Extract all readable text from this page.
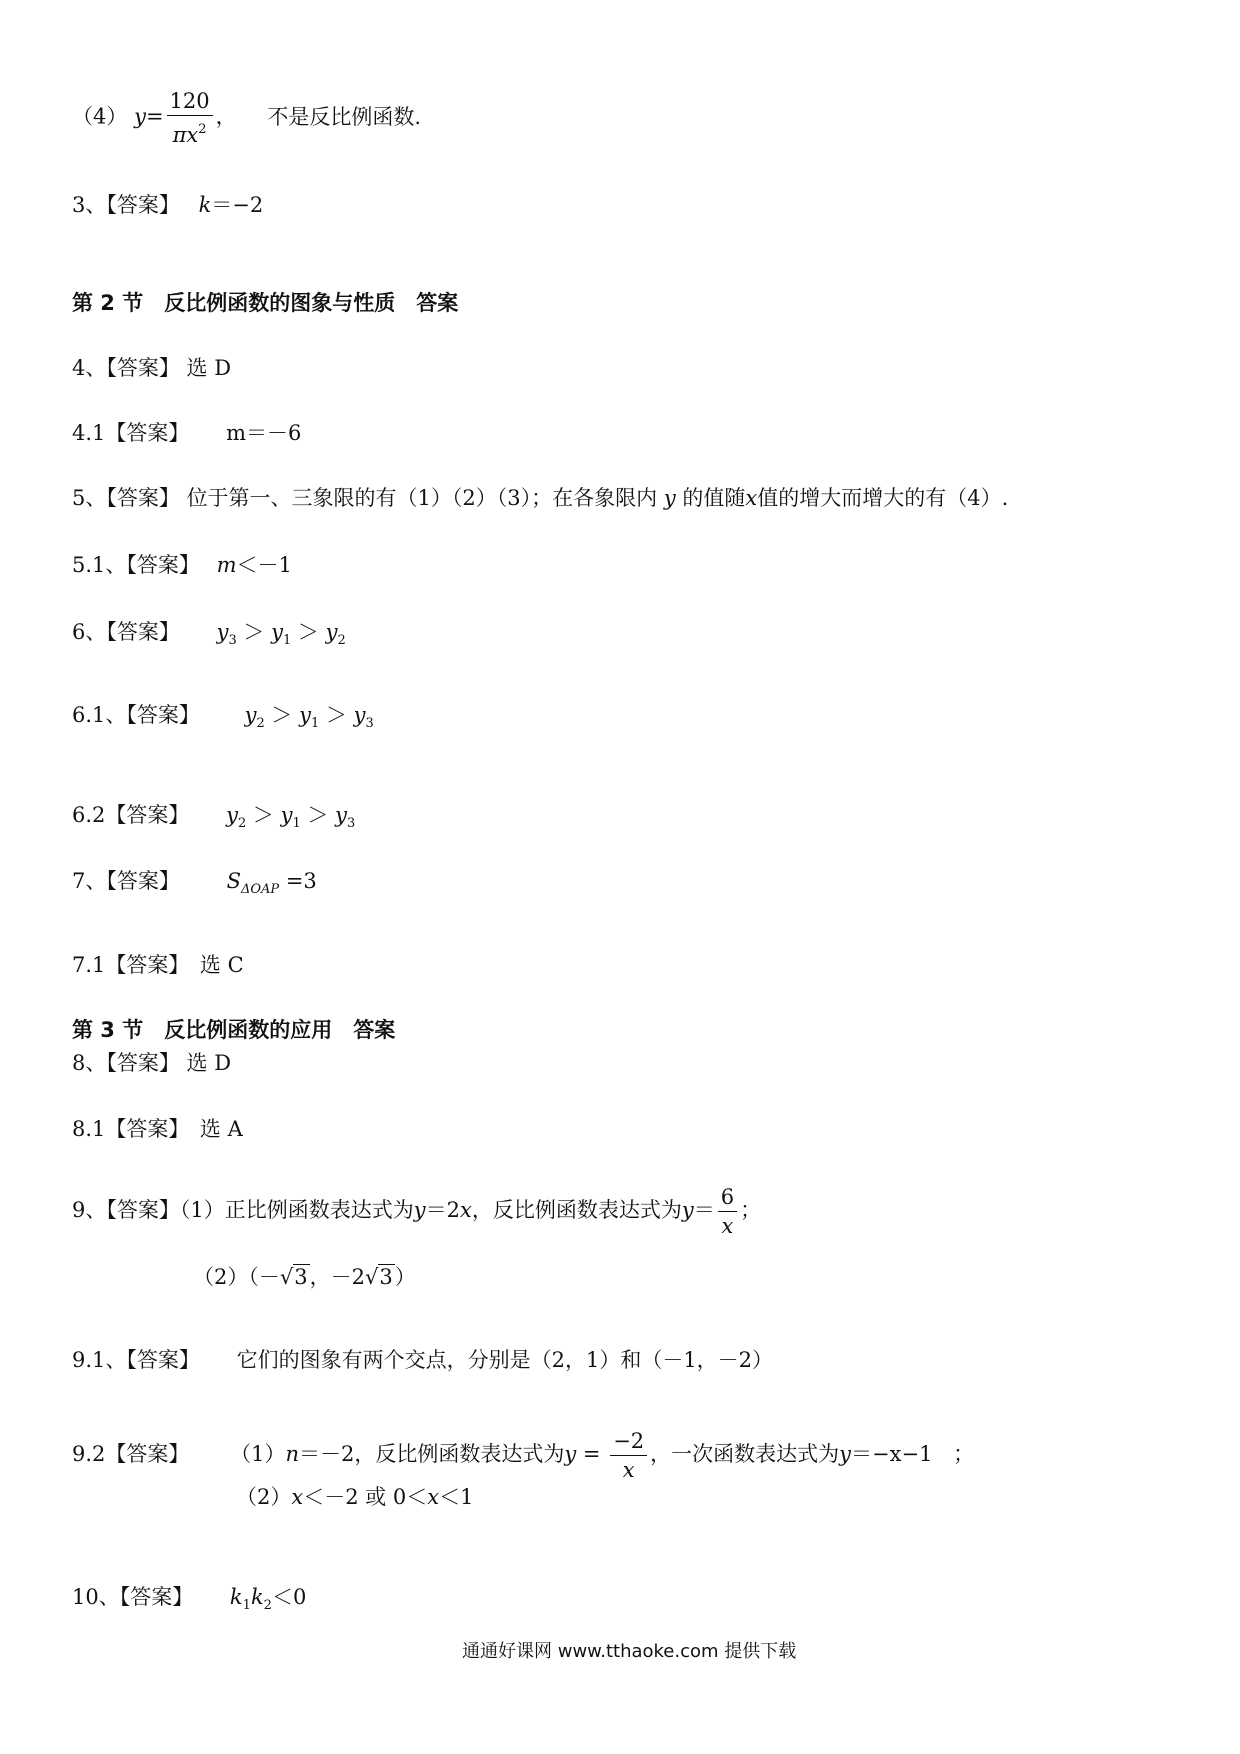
（4） $y= \frac{120}{\pi x^2}$ ， 不是反比例函数.
3、【答案】 k＝−2
第 2 节　反比例函数的图象与性质　答案
4、【答案】 选 D
4.1【答案】 m＝－6
5、【答案】 位于第一、三象限的有（1）（2）（3）；在各象限内 y 的值随x值的增大而增大的有（4）.
5.1、【答案】 m＜－1
6、【答案】 $y_3 > y_1 > y_2$
6.1、【答案】 $y_2 > y_1 > y_3$
6.2【答案】 $y_2 > y_1 > y_3$
7、【答案】 $S_{\Delta OAP} =3$
7.1【答案】　选 C
第 3 节　反比例函数的应用　答案
8、【答案】 选 D
8.1【答案】　选 A
9、【答案】（1）正比例函数表达式为y＝2x，反比例函数表达式为$y= \frac{6}{x}$ ；
（2）（－√3，－2√3）
9.1、【答案】 它们的图象有两个交点，分别是（2，1）和（－1，－2）
9.2【答案】 （1）n＝－2，反比例函数表达式为$y = \frac{-2}{x}$ ，一次函数表达式为y＝−x−1 ；
（2）x＜－2 或 0＜x＜1
10、【答案】 $k_1k_2<0$
通通好课网 www.tthaoke.com 提供下载
